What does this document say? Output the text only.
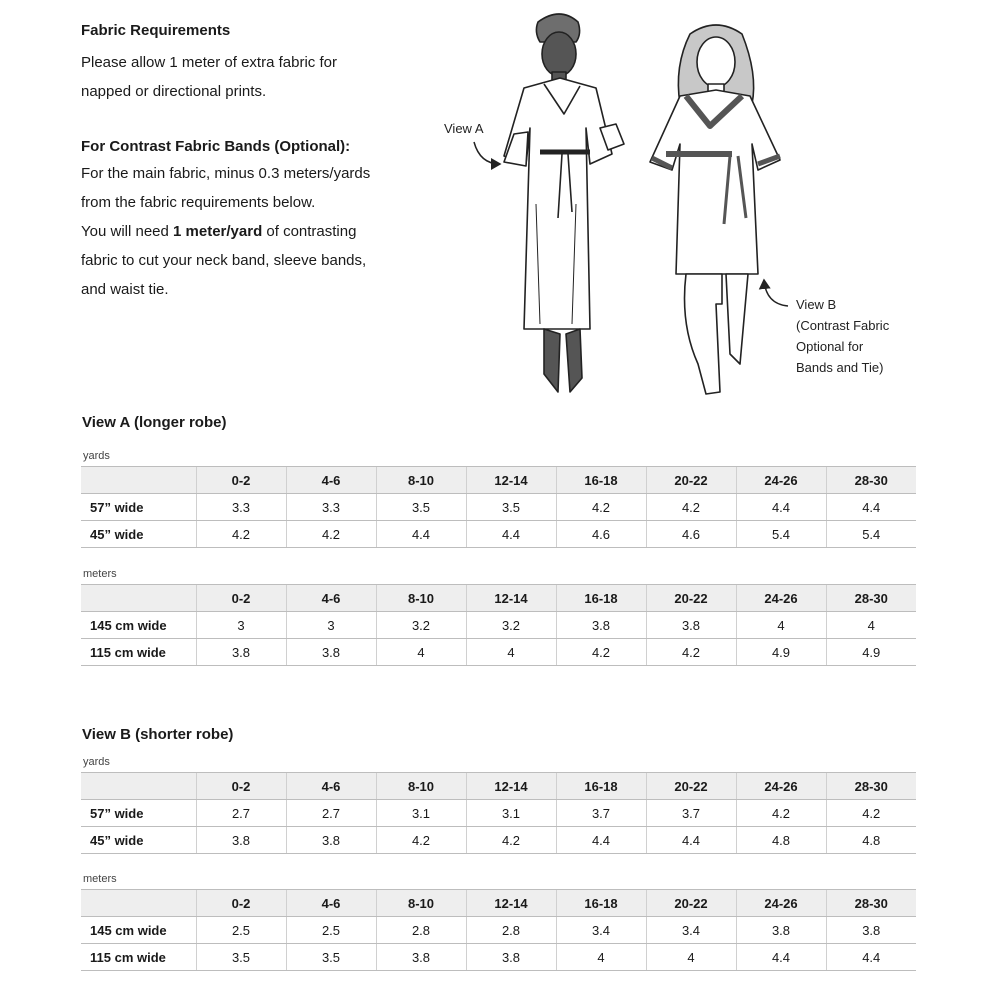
Fabric Requirements

Please allow 1 meter of extra fabric for

napped or directional prints.

For Contrast Fabric Bands (Optional):

For the main fabric, minus 0.3 meters/yards

from the fabric requirements below.

You will need 1 meter/yard of contrasting

fabric to cut your neck band, sleeve bands,

and waist tie.

View A
View B
(Contrast Fabric
Optional for
Bands and Tie)
View A (longer robe)
yards
	0-2	4-6	8-10	12-14	16-18	20-22	24-26	28-30
57” wide	3.3	3.3	3.5	3.5	4.2	4.2	4.4	4.4
45” wide	4.2	4.2	4.4	4.4	4.6	4.6	5.4	5.4
meters
	0-2	4-6	8-10	12-14	16-18	20-22	24-26	28-30
145 cm wide	3	3	3.2	3.2	3.8	3.8	4	4
115 cm wide	3.8	3.8	4	4	4.2	4.2	4.9	4.9
View B (shorter robe)
yards
	0-2	4-6	8-10	12-14	16-18	20-22	24-26	28-30
57” wide	2.7	2.7	3.1	3.1	3.7	3.7	4.2	4.2
45” wide	3.8	3.8	4.2	4.2	4.4	4.4	4.8	4.8
meters
	0-2	4-6	8-10	12-14	16-18	20-22	24-26	28-30
145 cm wide	2.5	2.5	2.8	2.8	3.4	3.4	3.8	3.8
115 cm wide	3.5	3.5	3.8	3.8	4	4	4.4	4.4
